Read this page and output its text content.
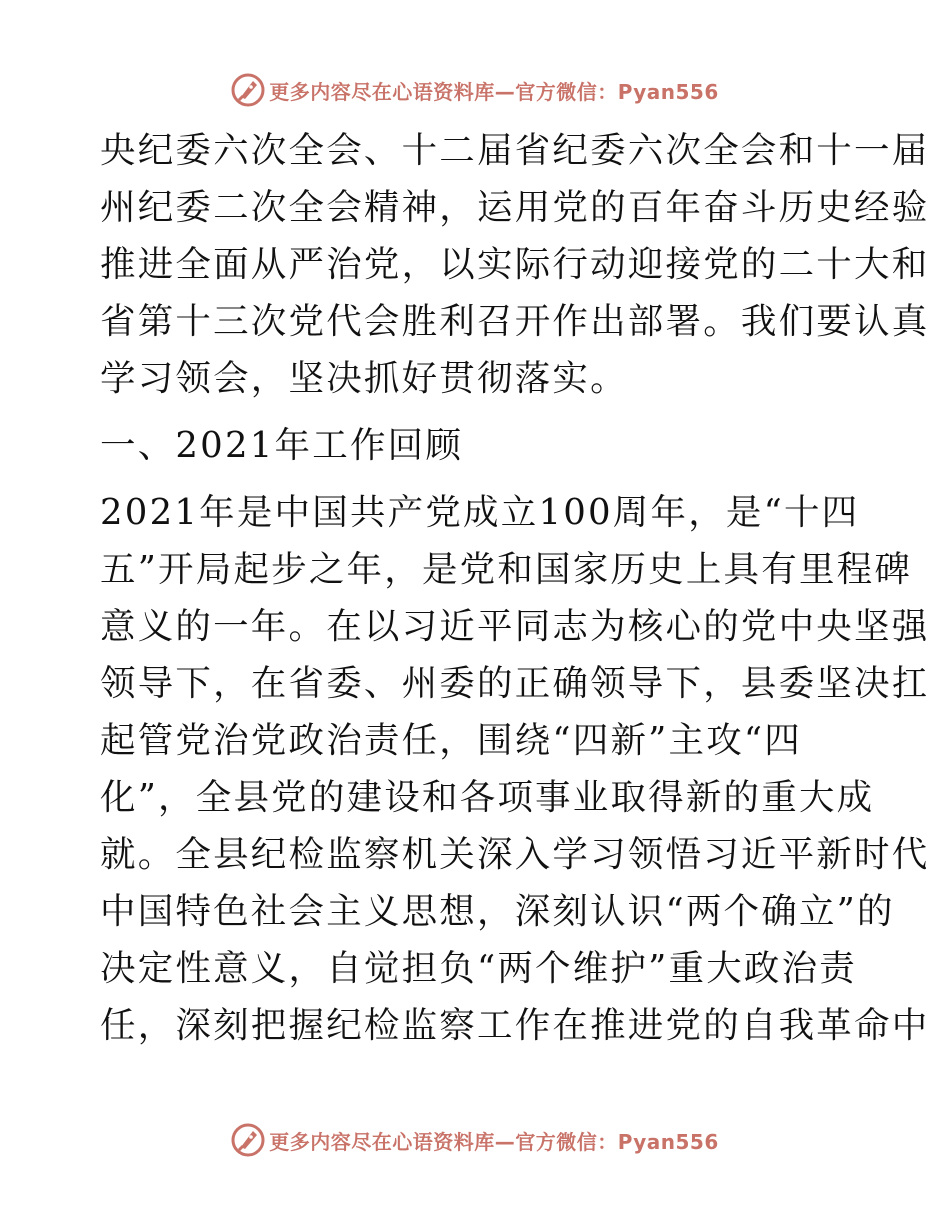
更多内容尽在心语资料库—官方微信：Pyan556

央纪委六次全会、十二届省纪委六次全会和十一届
州纪委二次全会精神，运用党的百年奋斗历史经验
推进全面从严治党，以实际行动迎接党的二十大和
省第十三次党代会胜利召开作出部署。我们要认真
学习领会，坚决抓好贯彻落实。

一、2021年工作回顾

2021年是中国共产党成立100周年，是“十四
五”开局起步之年，是党和国家历史上具有里程碑
意义的一年。在以习近平同志为核心的党中央坚强
领导下，在省委、州委的正确领导下，县委坚决扛
起管党治党政治责任，围绕“四新”主攻“四
化”，全县党的建设和各项事业取得新的重大成
就。全县纪检监察机关深入学习领悟习近平新时代
中国特色社会主义思想，深刻认识“两个确立”的
决定性意义，自觉担负“两个维护”重大政治责
任，深刻把握纪检监察工作在推进党的自我革命中

更多内容尽在心语资料库—官方微信：Pyan556
